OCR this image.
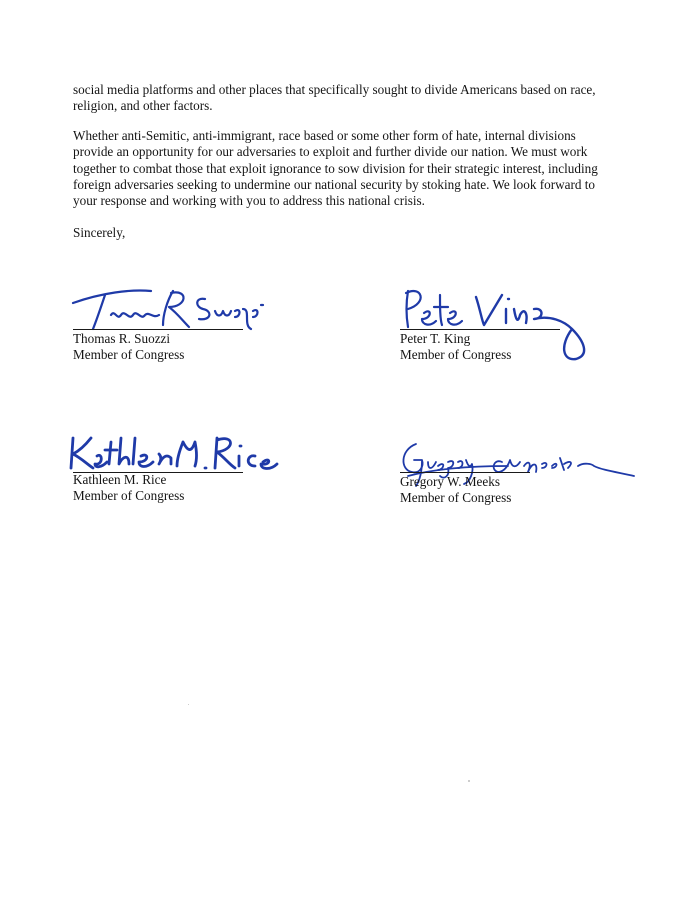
social media platforms and other places that specifically sought to divide Americans based on race, religion, and other factors.

Whether anti-Semitic, anti-immigrant, race based or some other form of hate, internal divisions provide an opportunity for our adversaries to exploit and further divide our nation. We must work together to combat those that exploit ignorance to sow division for their strategic interest, including foreign adversaries seeking to undermine our national security by stoking hate. We look forward to your response and working with you to address this national crisis.

Sincerely,

Thomas R. Suozzi
Member of Congress
Peter T. King
Member of Congress
Kathleen M. Rice
Member of Congress
Gregory W. Meeks
Member of Congress
